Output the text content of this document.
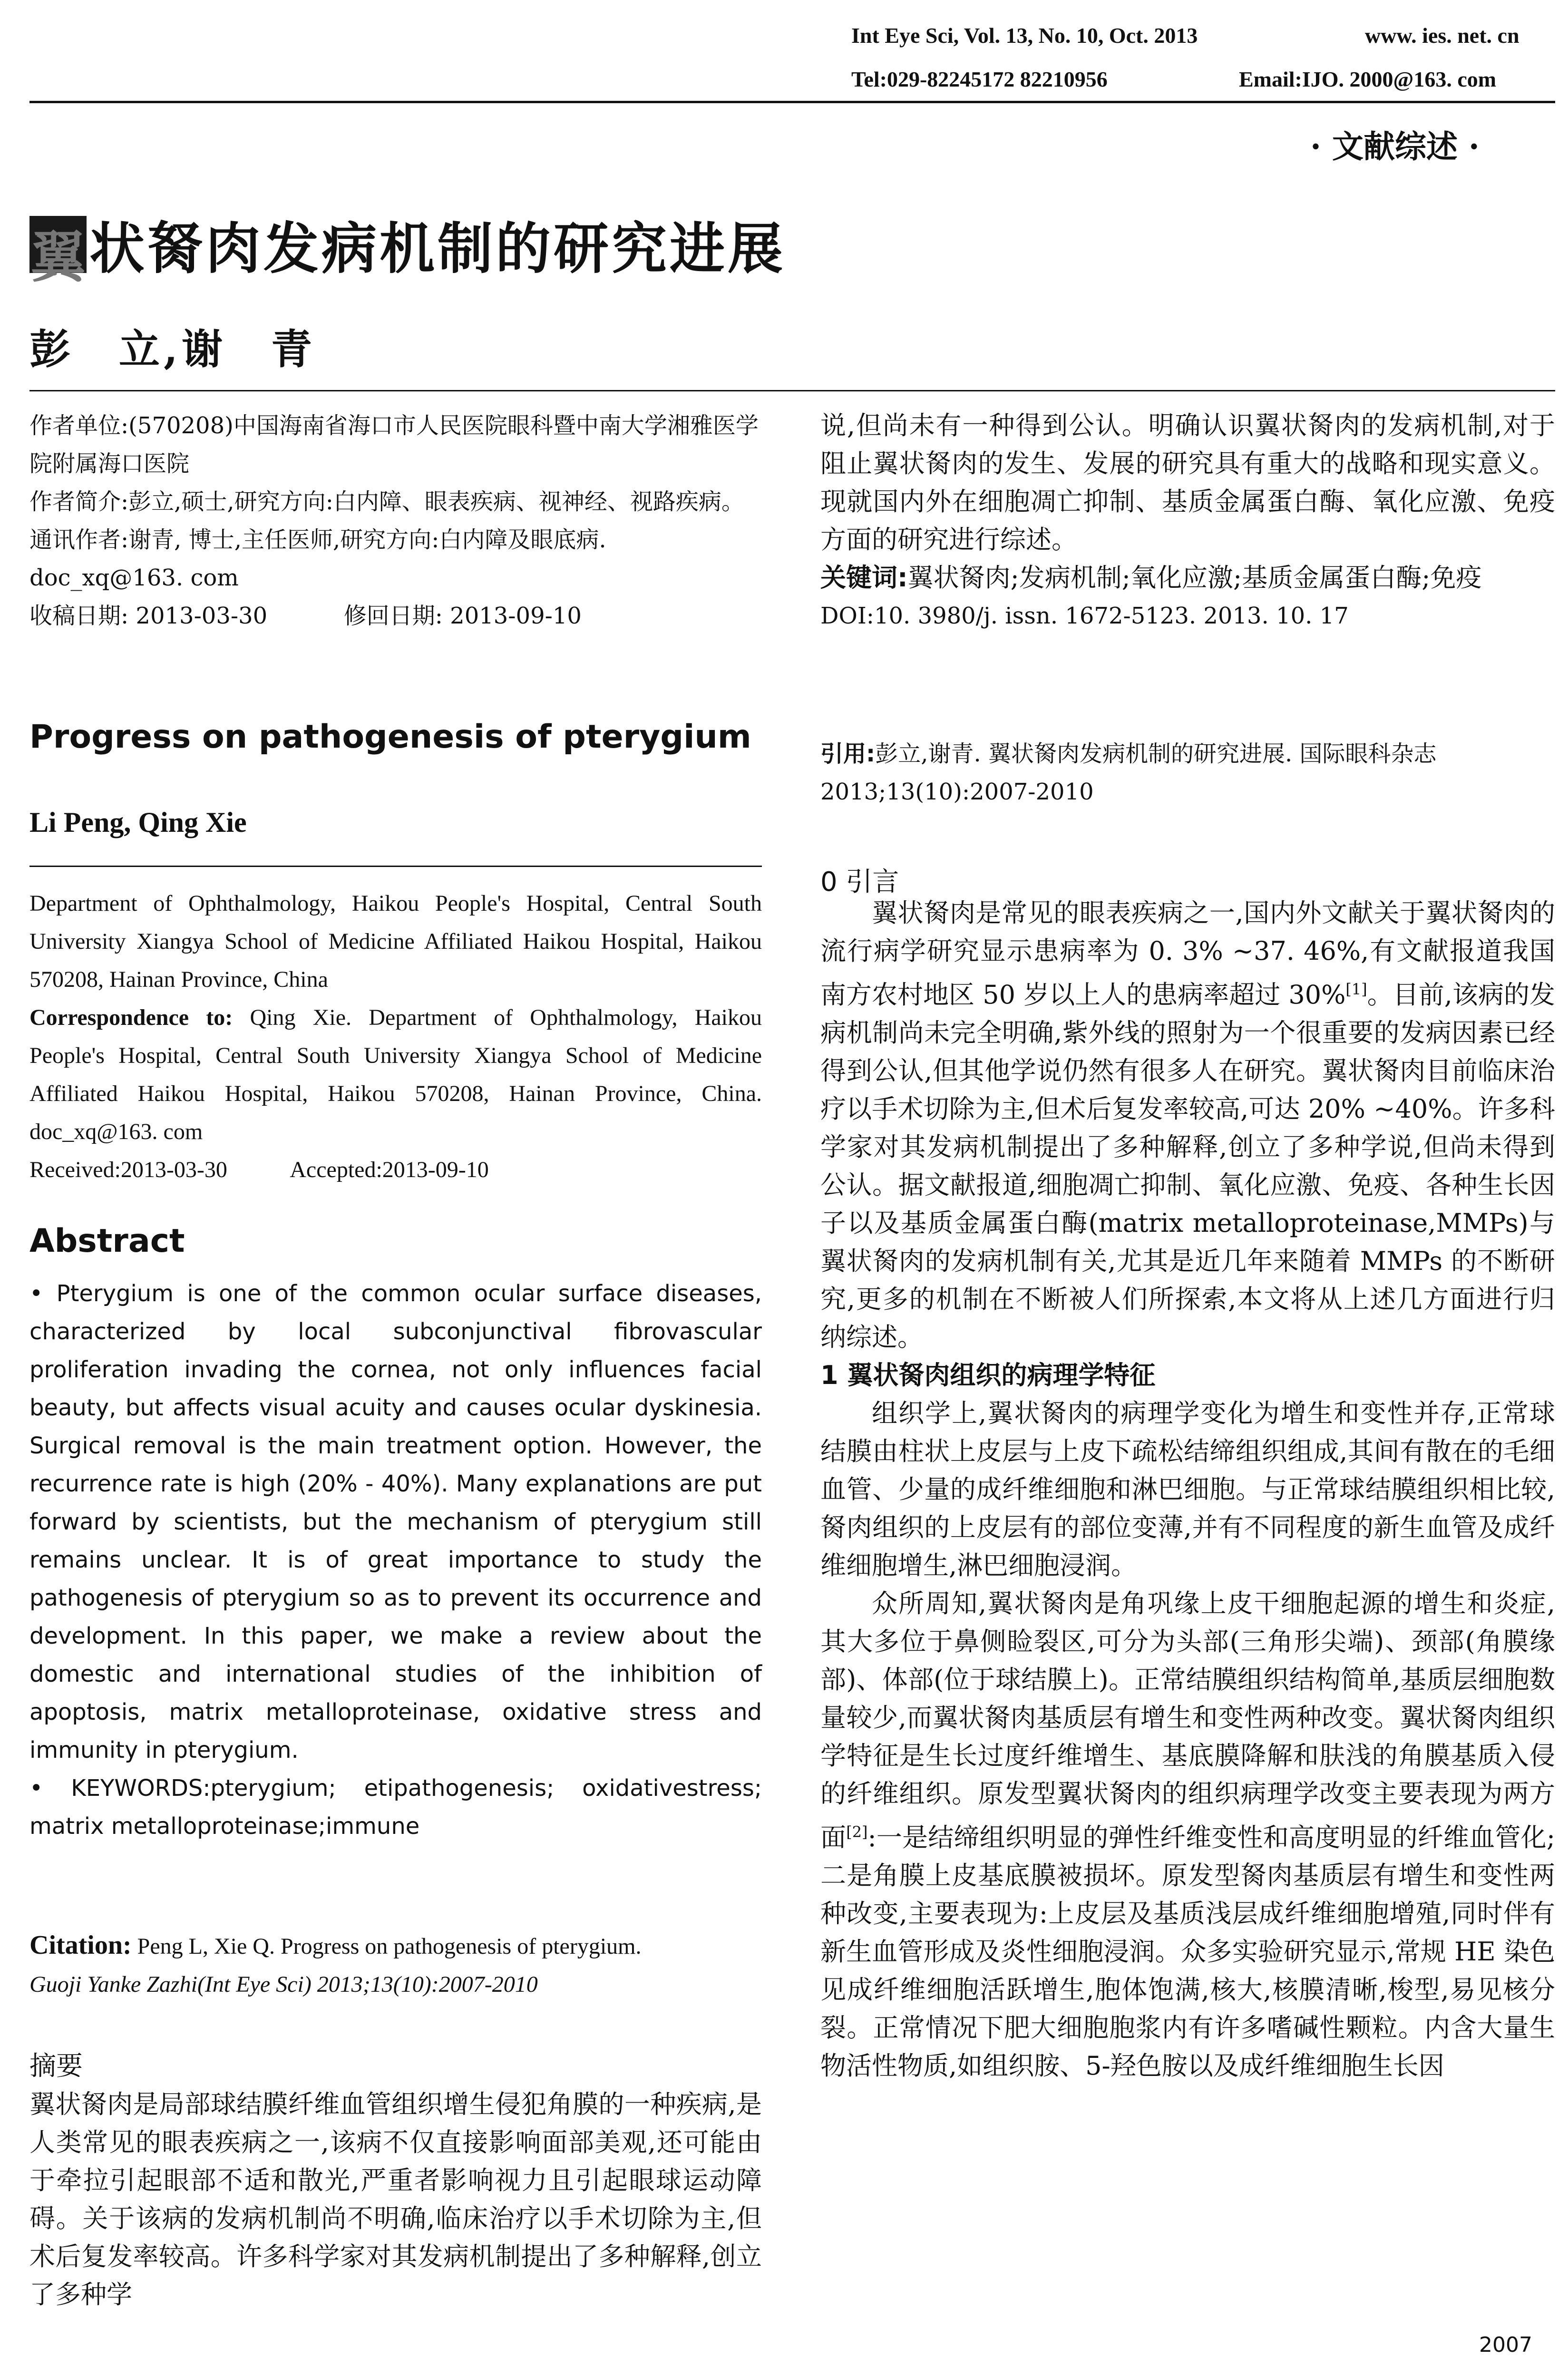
Int Eye Sci, Vol. 13, No. 10, Oct. 2013	www. ies. net. cn
Tel:029-82245172 82210956	Email:IJO. 2000@163. com
· 文献综述 ·
翼 状胬肉发病机制的研究进展
彭　立,谢　青
作者单位:(570208)中国海南省海口市人民医院眼科暨中南大学湘雅医学院附属海口医院
作者简介:彭立,硕士,研究方向:白内障、眼表疾病、视神经、视路疾病。
通讯作者:谢青, 博士,主任医师,研究方向:白内障及眼底病. doc_xq@163. com
收稿日期: 2013-03-30	修回日期: 2013-09-10
Progress on pathogenesis of pterygium
Li Peng, Qing Xie
Department of Ophthalmology, Haikou People's Hospital, Central South University Xiangya School of Medicine Affiliated Haikou Hospital, Haikou 570208, Hainan Province, China
Correspondence to: Qing Xie. Department of Ophthalmology, Haikou People's Hospital, Central South University Xiangya School of Medicine Affiliated Haikou Hospital, Haikou 570208, Hainan Province, China. doc_xq@163. com
Received:2013-03-30	Accepted:2013-09-10
Abstract
• Pterygium is one of the common ocular surface diseases, characterized by local subconjunctival fibrovascular proliferation invading the cornea, not only influences facial beauty, but affects visual acuity and causes ocular dyskinesia. Surgical removal is the main treatment option. However, the recurrence rate is high (20% - 40%). Many explanations are put forward by scientists, but the mechanism of pterygium still remains unclear. It is of great importance to study the pathogenesis of pterygium so as to prevent its occurrence and development. In this paper, we make a review about the domestic and international studies of the inhibition of apoptosis, matrix metalloproteinase, oxidative stress and immunity in pterygium.
• KEYWORDS:pterygium; etipathogenesis; oxidativestress; matrix metalloproteinase;immune
Citation: Peng L, Xie Q. Progress on pathogenesis of pterygium.
Guoji Yanke Zazhi(Int Eye Sci) 2013;13(10):2007-2010
摘要
翼状胬肉是局部球结膜纤维血管组织增生侵犯角膜的一种疾病,是人类常见的眼表疾病之一,该病不仅直接影响面部美观,还可能由于牵拉引起眼部不适和散光,严重者影响视力且引起眼球运动障碍。关于该病的发病机制尚不明确,临床治疗以手术切除为主,但术后复发率较高。许多科学家对其发病机制提出了多种解释,创立了多种学
说,但尚未有一种得到公认。明确认识翼状胬肉的发病机制,对于阻止翼状胬肉的发生、发展的研究具有重大的战略和现实意义。现就国内外在细胞凋亡抑制、基质金属蛋白酶、氧化应激、免疫方面的研究进行综述。
关键词:翼状胬肉;发病机制;氧化应激;基质金属蛋白酶;免疫
DOI:10. 3980/j. issn. 1672-5123. 2013. 10. 17
引用:彭立,谢青. 翼状胬肉发病机制的研究进展. 国际眼科杂志 2013;13(10):2007-2010
0 引言

翼状胬肉是常见的眼表疾病之一,国内外文献关于翼状胬肉的流行病学研究显示患病率为 0. 3% ~37. 46%,有文献报道我国南方农村地区 50 岁以上人的患病率超过 30%[1]。目前,该病的发病机制尚未完全明确,紫外线的照射为一个很重要的发病因素已经得到公认,但其他学说仍然有很多人在研究。翼状胬肉目前临床治疗以手术切除为主,但术后复发率较高,可达 20% ~40%。许多科学家对其发病机制提出了多种解释,创立了多种学说,但尚未得到公认。据文献报道,细胞凋亡抑制、氧化应激、免疫、各种生长因子以及基质金属蛋白酶(matrix metalloproteinase,MMPs)与翼状胬肉的发病机制有关,尤其是近几年来随着 MMPs 的不断研究,更多的机制在不断被人们所探索,本文将从上述几方面进行归纳综述。

1 翼状胬肉组织的病理学特征

组织学上,翼状胬肉的病理学变化为增生和变性并存,正常球结膜由柱状上皮层与上皮下疏松结缔组织组成,其间有散在的毛细血管、少量的成纤维细胞和淋巴细胞。与正常球结膜组织相比较,胬肉组织的上皮层有的部位变薄,并有不同程度的新生血管及成纤维细胞增生,淋巴细胞浸润。

众所周知,翼状胬肉是角巩缘上皮干细胞起源的增生和炎症,其大多位于鼻侧睑裂区,可分为头部(三角形尖端)、颈部(角膜缘部)、体部(位于球结膜上)。正常结膜组织结构简单,基质层细胞数量较少,而翼状胬肉基质层有增生和变性两种改变。翼状胬肉组织学特征是生长过度纤维增生、基底膜降解和肤浅的角膜基质入侵的纤维组织。原发型翼状胬肉的组织病理学改变主要表现为两方面[2]:一是结缔组织明显的弹性纤维变性和高度明显的纤维血管化;二是角膜上皮基底膜被损坏。原发型胬肉基质层有增生和变性两种改变,主要表现为:上皮层及基质浅层成纤维细胞增殖,同时伴有新生血管形成及炎性细胞浸润。众多实验研究显示,常规 HE 染色见成纤维细胞活跃增生,胞体饱满,核大,核膜清晰,梭型,易见核分裂。正常情况下肥大细胞胞浆内有许多嗜碱性颗粒。内含大量生物活性物质,如组织胺、5-羟色胺以及成纤维细胞生长因

2007
